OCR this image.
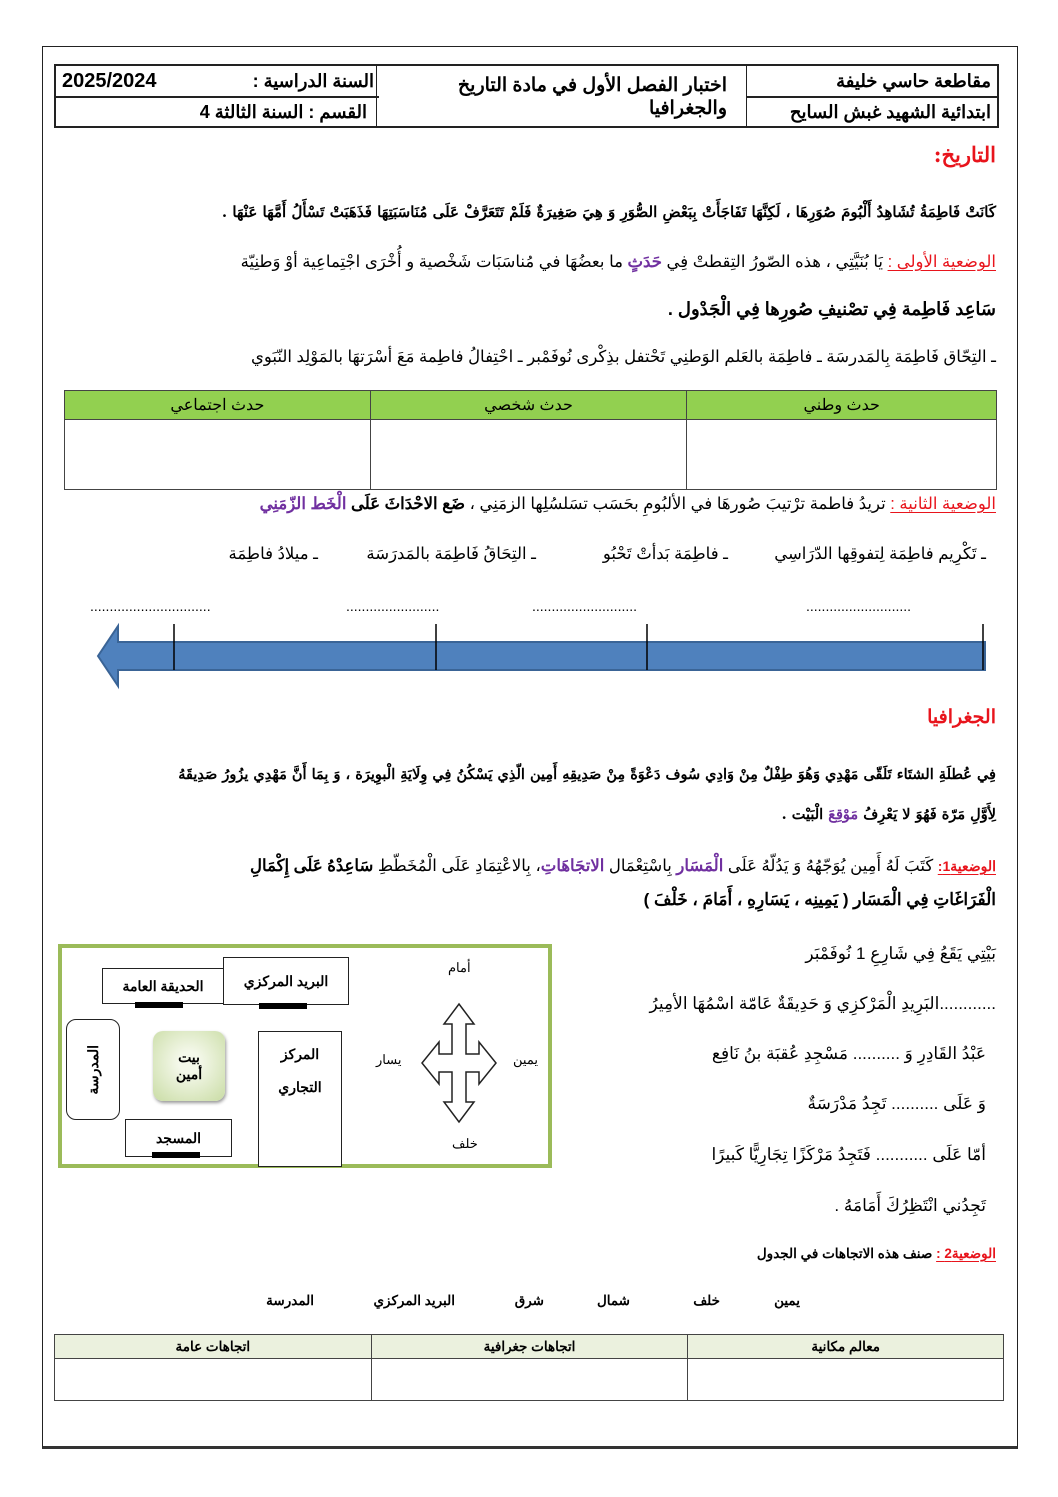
مقاطعة حاسي خليفة
ابتدائية الشهيد غبش السايح
اختبار الفصل الأول في مادة التاريخ والجغرافيا
السنة الدراسية :
2025/2024
القسم : السنة الثالثة 4
التاريخ:
كَانَتْ فَاطِمَةُ تُشَاهِدُ أَلْبُومَ صُوَرِهَا ، لَكِنَّهَا تَفَاجَأَتْ بِبَعْضِ الصُّوَرِ وَ هِيَ صَغِيرَةٌ فَلَمْ تَتَعَرَّفْ عَلَى مُنَاسَبَتِهَا فَذَهَبَتْ تَسْأَلُ أَمَّهَا عَنْهَا .
الوضعية الأولى : يَا بُنَيَّتِي ، هذه الصّورُ التِقطتْ فِي حَدَثٍ ما بعضُهَا في مُناسَبَات شَخْصية و أُخْرَى اجْتِماعِية أوْ وَطنِيّة
سَاعِد فَاطِمة فِي تصْنيفِ صُورِها فِي الْجَدْول .
ـ التِحّاق فَاطِمَة بِالمَدرسَة ـ فاطِمَة بالعَلم الوَطنِي تَحْتفل بذِكْرى نُوفَمْبر ـ احْتِفالُ فاطِمة مَعَ أسْرَتهَا بالمَوْلِد النّبَوي
حدث وطني	حدث شخصي	حدث اجتماعي

الوضعية الثانية : تريدُ فاطمة ترْتيبَ صُورهَا في الألبُومِ بحَسَب تسَلسُلِها الزمَنِي ، ضَع الاحْدَاثَ عَلَى الْخَط الزّمَنِي
ـ تَكْرِيم فاطِمَة لِتفوقِها الدّرَاسِي
ـ فاطِمَة بَدأتْ تَحْبُو
ـ التِحَاقُ فَاطِمَة بالمَدرَسَة
ـ ميلادُ فاطِمَة
...............................	........................	...........................	...........................
الجغرافيا
فِي عُطلَةِ الشتَاء تَلَقّى مَهْدِي وَهُوَ طِفْلٌ مِنْ وَادِي سُوف دَعْوَةً مِنْ صَدِيقِهِ أَمِين الّذِي يَسْكُنُ فِي وِلَايَةِ الْبوِيرَة ، وَ بِمَا أَنَّ مَهْدِي يزُورُ صَدِيقَهُ
لِأَوَّلِ مَرّة فَهُوَ لا يَعْرِفُ مَوْقِعَ الْبَيْت .
الوضعية1: كَتَبَ لَهُ أَمِين يُوَجّهُهُ وَ يَدُلّهُ عَلَى الْمَسَار بِاسْتِعْمَال الاتجَاهَاتِ، بِالاعْتِمَادِ عَلَى الْمُخَطّطِ سَاعِدْهُ عَلَى إِكْمَالِ
الْفَرَاغَاتِ فِي الْمَسَار ( يَمِينِه ، يَسَارِهِ ، أَمَامَ ، خَلْفَ )
الحديقة العامة	البريد المركزي
المدرسة	بيت
أمين
المسجد
المركز
التجاري
أمام
خلف
يسار	يمين
بَيْتِي يَقَعُ فِي شَارِعِ 1 نُوفَمْبَر
............البَرِيدِ الْمَرْكزِي وَ حَدِيقَةٌ عَامّة اسْمُهَا الأمِيرُ
عَبْدُ القَادِرِ وَ .......... مَسْجِدِ عُقبَة بنُ نَافِع
وَ عَلَى .......... تَجِدُ مَدْرَسَةٌ
أمّا عَلَى ........... فَتَجِدُ مَرْكَزًا تِجَارِيًّا كَبيرًا
تَجِدُني انْتَظِرُكَ أَمَامَهُ .
الوضعية2 : صنف هذه الاتجاهات في الجدول
يمين
خلف
شمال
شرق
البريد المركزي
المدرسة
معالم مكانية	اتجاهات جغرافية	اتجاهات عامة
